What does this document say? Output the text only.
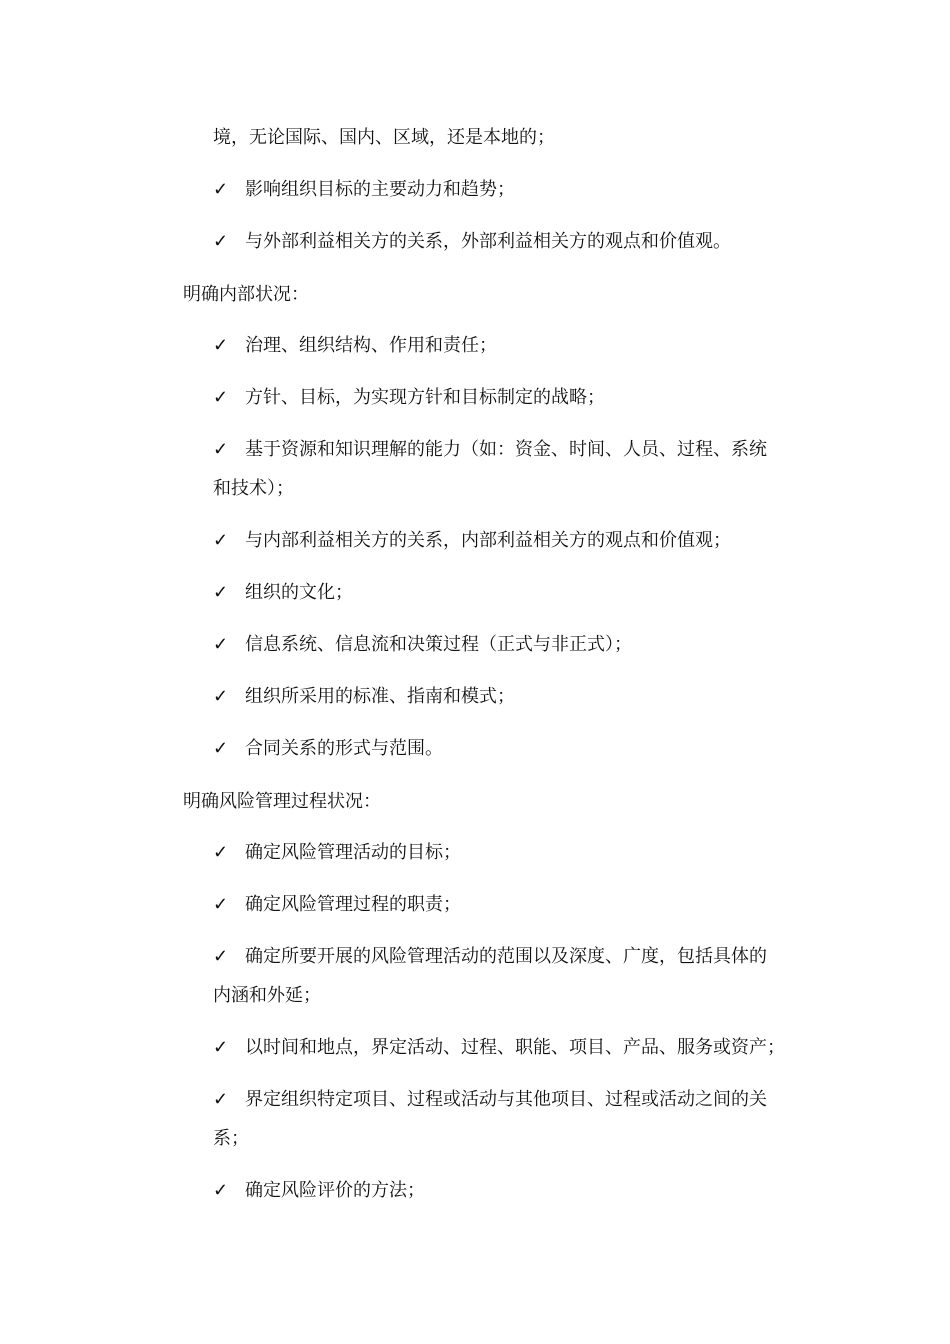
境，无论国际、国内、区域，还是本地的；
✓ 影响组织目标的主要动力和趋势；
✓ 与外部利益相关方的关系，外部利益相关方的观点和价值观。
明确内部状况：
✓ 治理、组织结构、作用和责任；
✓ 方针、目标，为实现方针和目标制定的战略；
✓ 基于资源和知识理解的能力（如：资金、时间、人员、过程、系统
和技术）；
✓ 与内部利益相关方的关系，内部利益相关方的观点和价值观；
✓ 组织的文化；
✓ 信息系统、信息流和决策过程（正式与非正式）；
✓ 组织所采用的标准、指南和模式；
✓ 合同关系的形式与范围。
明确风险管理过程状况：
✓ 确定风险管理活动的目标；
✓ 确定风险管理过程的职责；
✓ 确定所要开展的风险管理活动的范围以及深度、广度，包括具体的
内涵和外延；
✓ 以时间和地点，界定活动、过程、职能、项目、产品、服务或资产；
✓ 界定组织特定项目、过程或活动与其他项目、过程或活动之间的关
系；
✓ 确定风险评价的方法；
